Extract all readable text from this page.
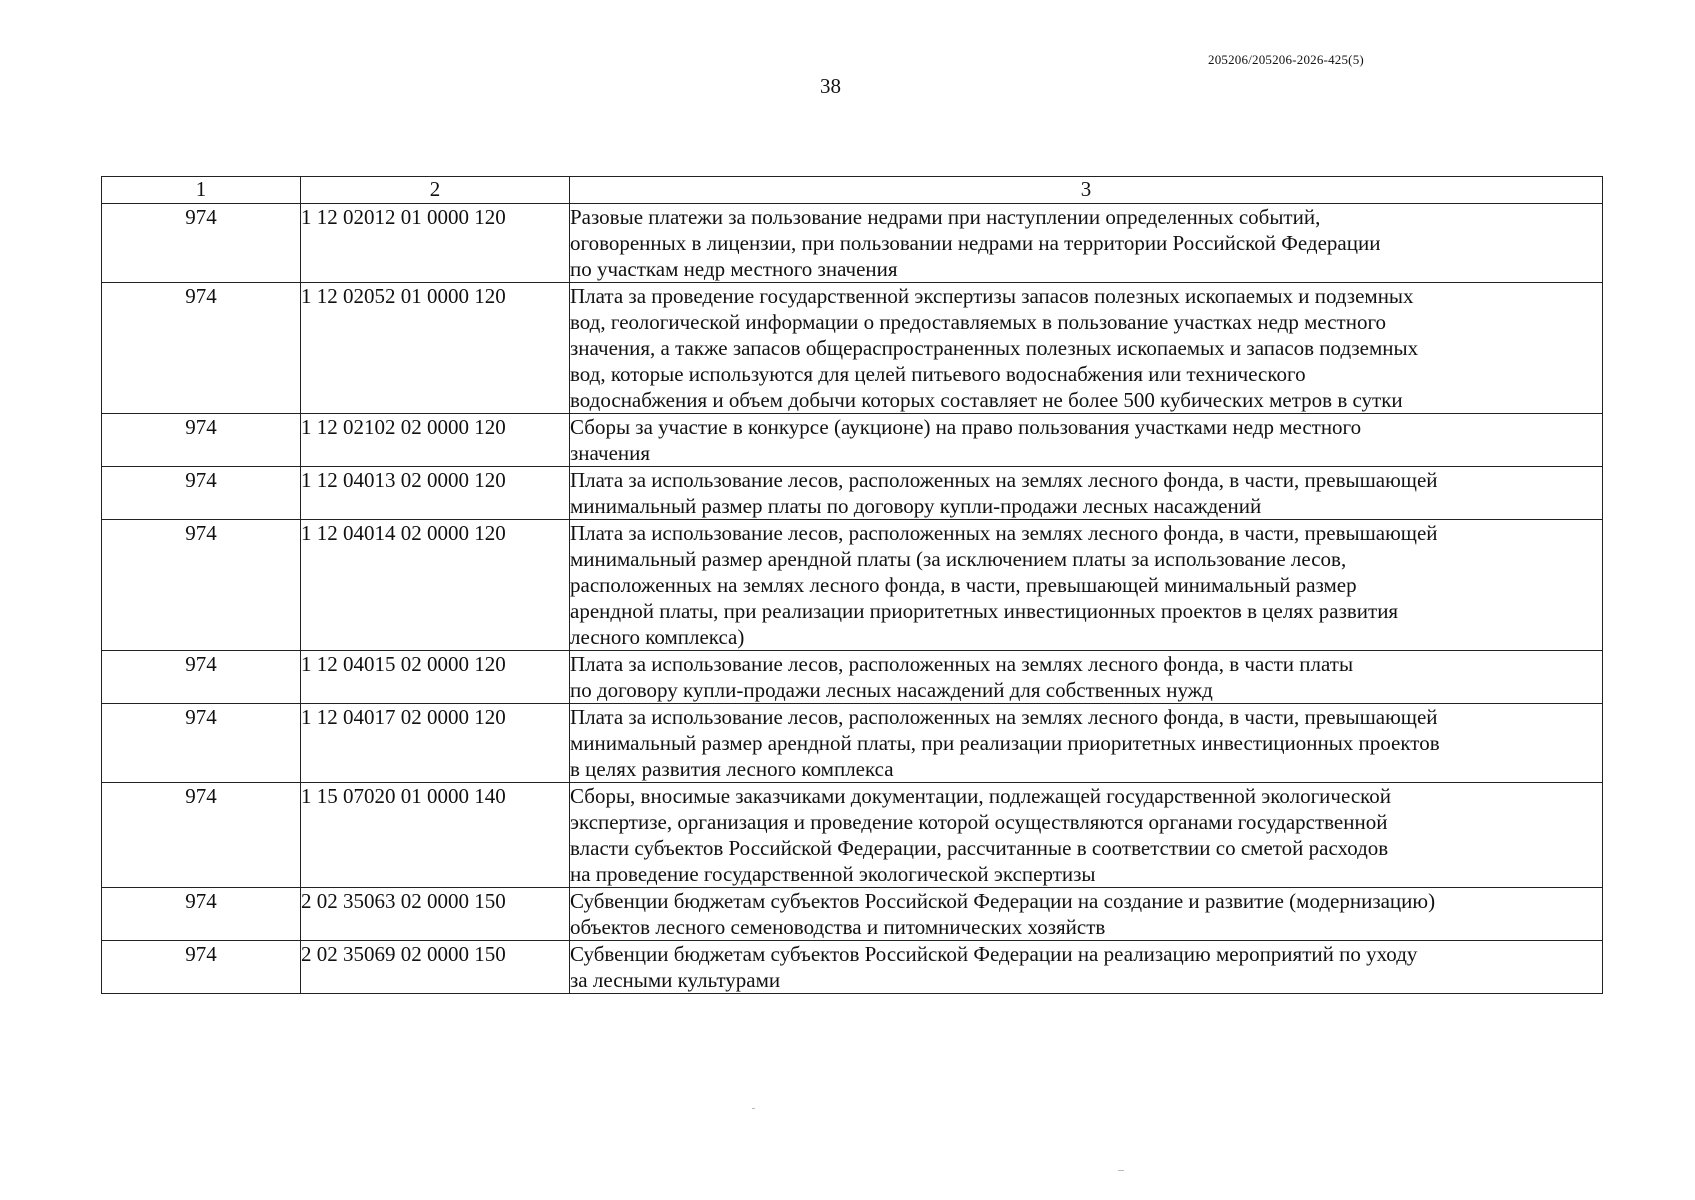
205206/205206-2026-425(5)
38
1	2	3
974	1 12 02012 01 0000 120	Разовые платежи за пользование недрами при наступлении определенных событий,
оговоренных в лицензии, при пользовании недрами на территории Российской Федерации
по участкам недр местного значения
974	1 12 02052 01 0000 120	Плата за проведение государственной экспертизы запасов полезных ископаемых и подземных
вод, геологической информации о предоставляемых в пользование участках недр местного
значения, а также запасов общераспространенных полезных ископаемых и запасов подземных
вод, которые используются для целей питьевого водоснабжения или технического
водоснабжения и объем добычи которых составляет не более 500 кубических метров в сутки
974	1 12 02102 02 0000 120	Сборы за участие в конкурсе (аукционе) на право пользования участками недр местного
значения
974	1 12 04013 02 0000 120	Плата за использование лесов, расположенных на землях лесного фонда, в части, превышающей
минимальный размер платы по договору купли-продажи лесных насаждений
974	1 12 04014 02 0000 120	Плата за использование лесов, расположенных на землях лесного фонда, в части, превышающей
минимальный размер арендной платы (за исключением платы за использование лесов,
расположенных на землях лесного фонда, в части, превышающей минимальный размер
арендной платы, при реализации приоритетных инвестиционных проектов в целях развития
лесного комплекса)
974	1 12 04015 02 0000 120	Плата за использование лесов, расположенных на землях лесного фонда, в части платы
по договору купли-продажи лесных насаждений для собственных нужд
974	1 12 04017 02 0000 120	Плата за использование лесов, расположенных на землях лесного фонда, в части, превышающей
минимальный размер арендной платы, при реализации приоритетных инвестиционных проектов
в целях развития лесного комплекса
974	1 15 07020 01 0000 140	Сборы, вносимые заказчиками документации, подлежащей государственной экологической
экспертизе, организация и проведение которой осуществляются органами государственной
власти субъектов Российской Федерации, рассчитанные в соответствии со сметой расходов
на проведение государственной экологической экспертизы
974	2 02 35063 02 0000 150	Субвенции бюджетам субъектов Российской Федерации на создание и развитие (модернизацию)
объектов лесного семеноводства и питомнических хозяйств
974	2 02 35069 02 0000 150	Субвенции бюджетам субъектов Российской Федерации на реализацию мероприятий по уходу
за лесными культурами
